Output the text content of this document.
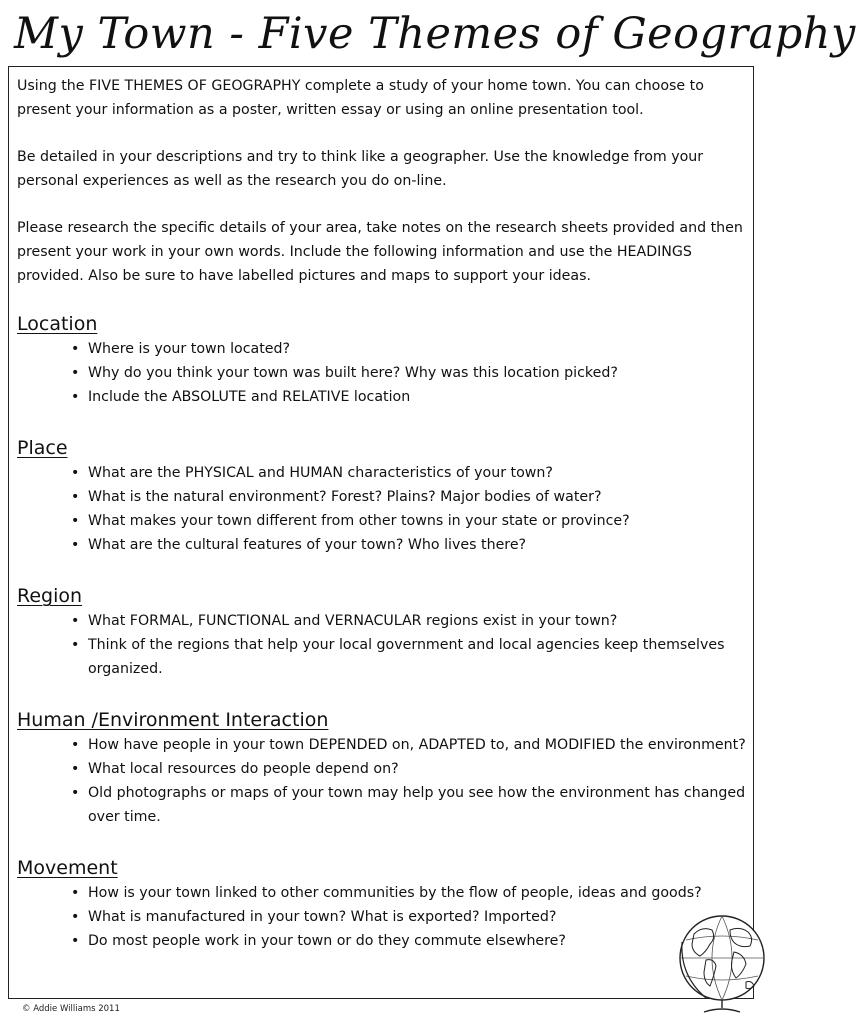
My Town - Five Themes of Geography

Using the FIVE THEMES OF GEOGRAPHY complete a study of your home town. You can choose to present your information as a poster, written essay or using an online presentation tool.

Be detailed in your descriptions and try to think like a geographer. Use the knowledge from your personal experiences as well as the research you do on-line.

Please research the specific details of your area, take notes on the research sheets provided and then present your work in your own words. Include the following information and use the HEADINGS provided. Also be sure to have labelled pictures and maps to support your ideas.

Location
• Where is your town located?
• Why do you think your town was built here? Why was this location picked?
• Include the ABSOLUTE and RELATIVE location
Place
• What are the PHYSICAL and HUMAN characteristics of your town?
• What is the natural environment? Forest? Plains? Major bodies of water?
• What makes your town different from other towns in your state or province?
• What are the cultural features of your town? Who lives there?
Region
• What FORMAL, FUNCTIONAL and VERNACULAR regions exist in your town?
• Think of the regions that help your local government and local agencies keep themselves organized.
Human /Environment Interaction
• How have people in your town DEPENDED on, ADAPTED to, and MODIFIED the environment?
• What local resources do people depend on?
• Old photographs or maps of your town may help you see how the environment has changed over time.
Movement
• How is your town linked to other communities by the flow of people, ideas and goods?
• What is manufactured in your town? What is exported? Imported?
• Do most people work in your town or do they commute elsewhere?
© Addie Williams 2011
